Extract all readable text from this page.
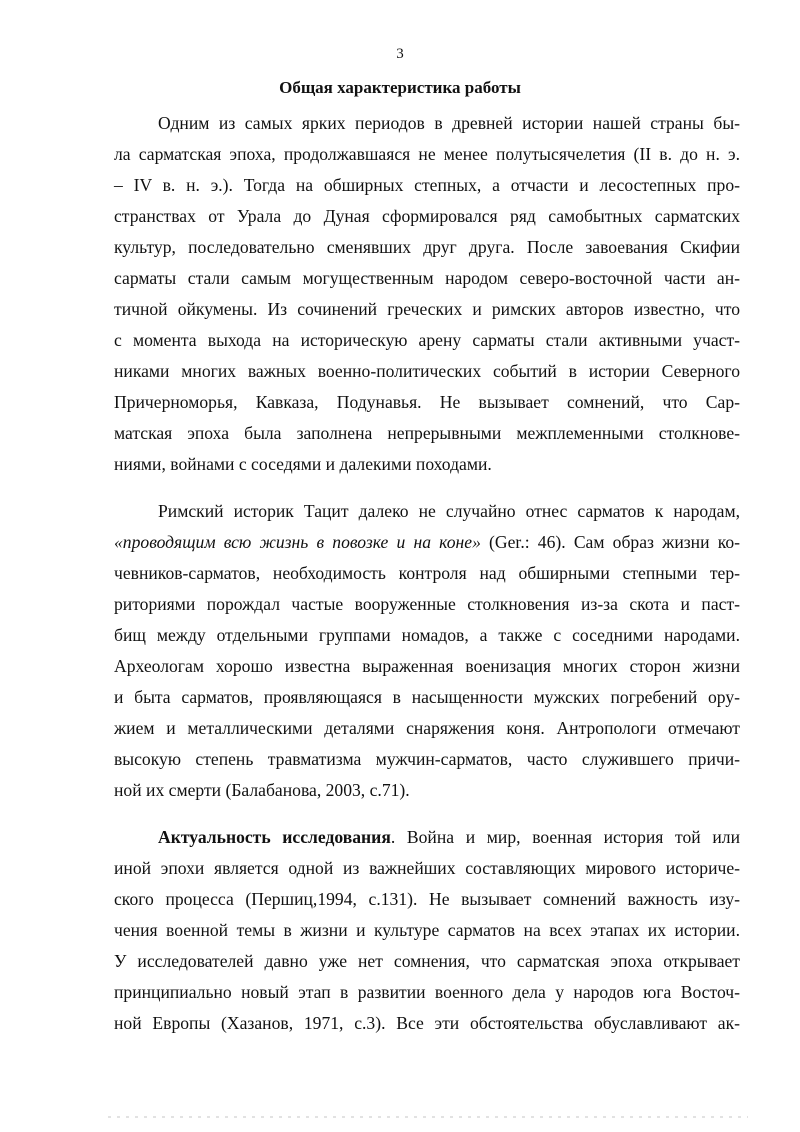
3
Общая характеристика работы
Одним из самых ярких периодов в древней истории нашей страны бы-
ла сарматская эпоха, продолжавшаяся не менее полутысячелетия (II в. до н. э.
– IV в. н. э.). Тогда на обширных степных, а отчасти и лесостепных про-
странствах от Урала до Дуная сформировался ряд самобытных сарматских
культур, последовательно сменявших друг друга. После завоевания Скифии
сарматы стали самым могущественным народом северо-восточной части ан-
тичной ойкумены. Из сочинений греческих и римских авторов известно, что
с момента выхода на историческую арену сарматы стали активными участ-
никами многих важных военно-политических событий в истории Северного
Причерноморья, Кавказа, Подунавья. Не вызывает сомнений, что Сар-
матская эпоха была заполнена непрерывными межплеменными столкнове-
ниями, войнами с соседями и далекими походами.
Римский историк Тацит далеко не случайно отнес сарматов к народам,
«проводящим всю жизнь в повозке и на коне» (Ger.: 46). Сам образ жизни ко-
чевников-сарматов, необходимость контроля над обширными степными тер-
риториями порождал частые вооруженные столкновения из-за скота и паст-
бищ между отдельными группами номадов, а также с соседними народами.
Археологам хорошо известна выраженная военизация многих сторон жизни
и быта сарматов, проявляющаяся в насыщенности мужских погребений ору-
жием и металлическими деталями снаряжения коня. Антропологи отмечают
высокую степень травматизма мужчин-сарматов, часто служившего причи-
ной их смерти (Балабанова, 2003, с.71).
Актуальность исследования. Война и мир, военная история той или
иной эпохи является одной из важнейших составляющих мирового историче-
ского процесса (Першиц,1994, с.131). Не вызывает сомнений важность изу-
чения военной темы в жизни и культуре сарматов на всех этапах их истории.
У исследователей давно уже нет сомнения, что сарматская эпоха открывает
принципиально новый этап в развитии военного дела у народов юга Восточ-
ной Европы (Хазанов, 1971, с.3). Все эти обстоятельства обуславливают ак-
